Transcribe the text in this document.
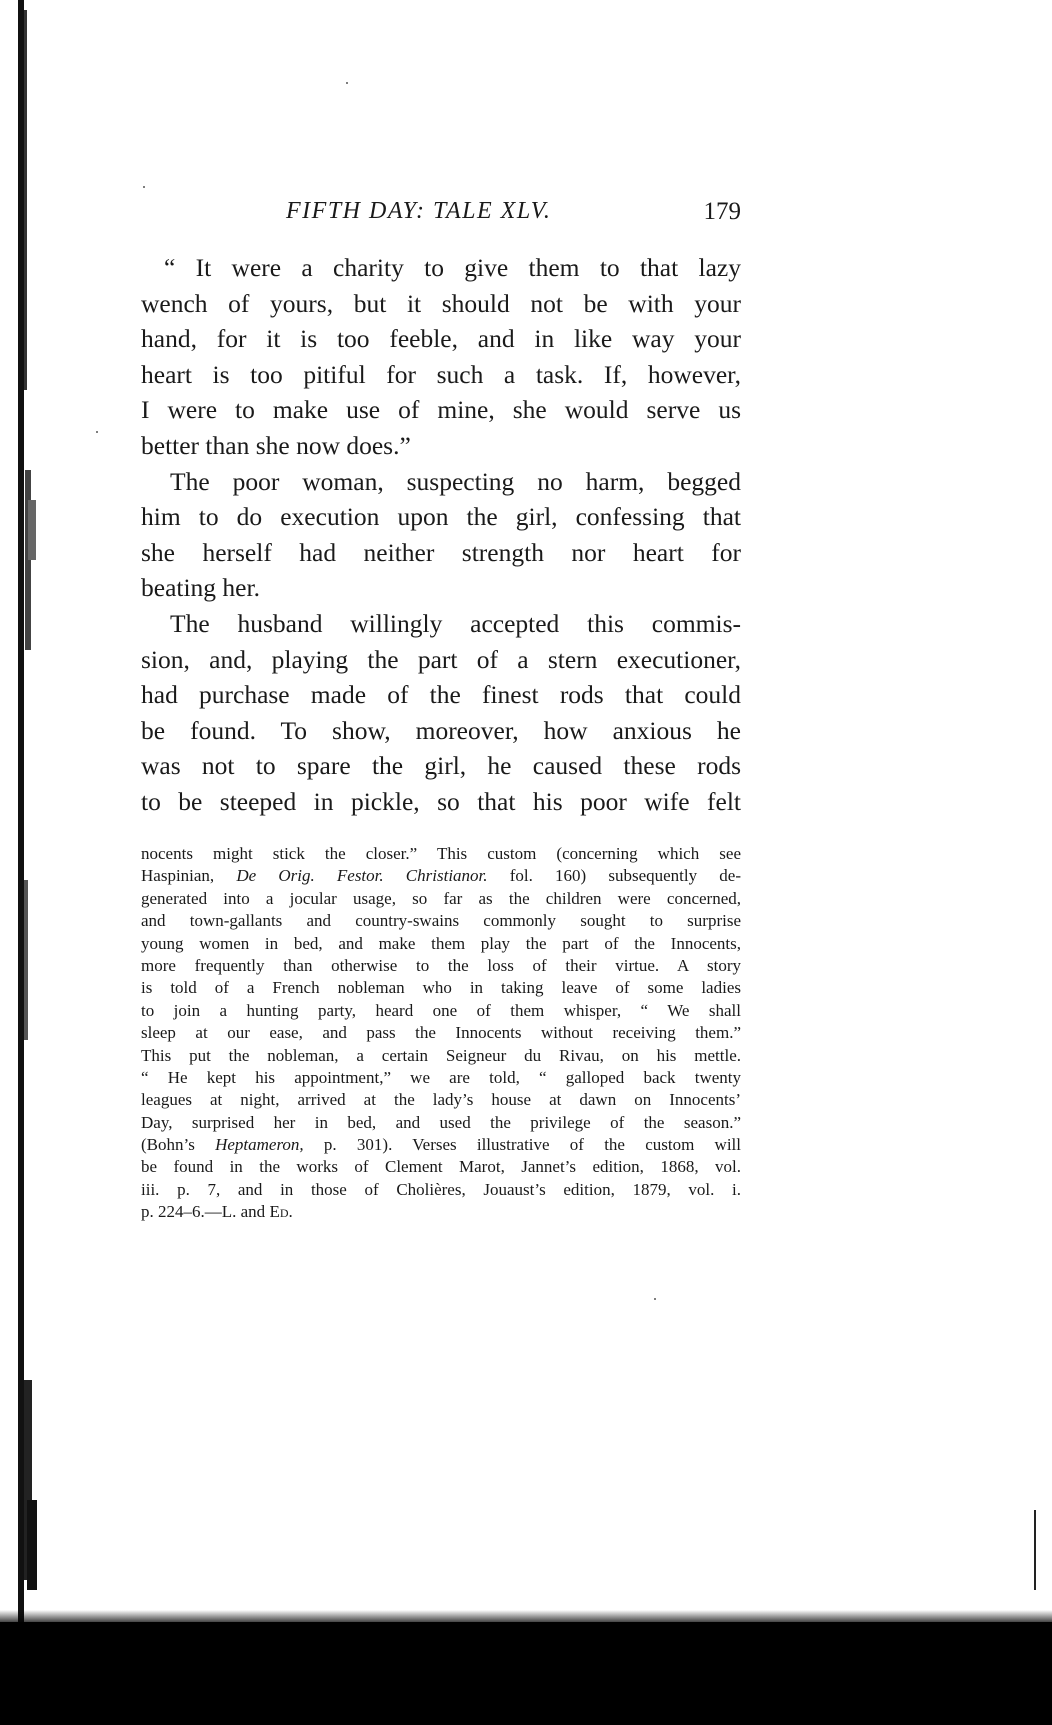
FIFTH DAY: TALE XLV.	179
“ It were a charity to give them to that lazy
wench of yours, but it should not be with your
hand, for it is too feeble, and in like way your
heart is too pitiful for such a task. If, however,
I were to make use of mine, she would serve us
better than she now does.”
The poor woman, suspecting no harm, begged
him to do execution upon the girl, confessing that
she herself had neither strength nor heart for
beating her.
The husband willingly accepted this commis-
sion, and, playing the part of a stern executioner,
had purchase made of the finest rods that could
be found. To show, moreover, how anxious he
was not to spare the girl, he caused these rods
to be steeped in pickle, so that his poor wife felt
nocents might stick the closer.” This custom (concerning which see
Haspinian, De Orig. Festor. Christianor. fol. 160) subsequently de-
generated into a jocular usage, so far as the children were concerned,
and town-gallants and country-swains commonly sought to surprise
young women in bed, and make them play the part of the Innocents,
more frequently than otherwise to the loss of their virtue. A story
is told of a French nobleman who in taking leave of some ladies
to join a hunting party, heard one of them whisper, “ We shall
sleep at our ease, and pass the Innocents without receiving them.”
This put the nobleman, a certain Seigneur du Rivau, on his mettle.
“ He kept his appointment,” we are told, “ galloped back twenty
leagues at night, arrived at the lady’s house at dawn on Innocents’
Day, surprised her in bed, and used the privilege of the season.”
(Bohn’s Heptameron, p. 301). Verses illustrative of the custom will
be found in the works of Clement Marot, Jannet’s edition, 1868, vol.
iii. p. 7, and in those of Cholières, Jouaust’s edition, 1879, vol. i.
p. 224–6.—L. and Ed.
